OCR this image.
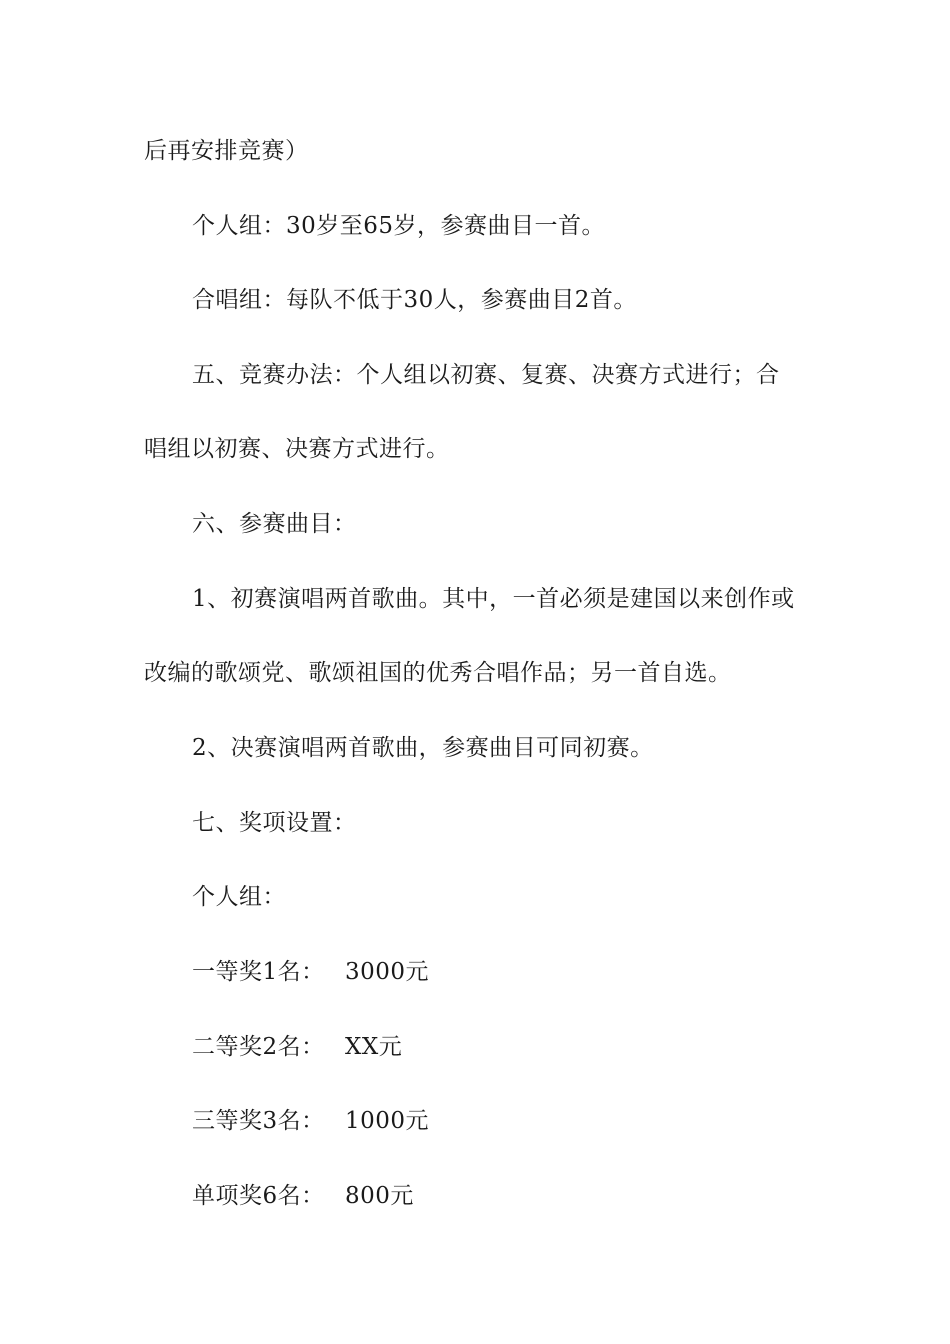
后再安排竞赛）
个人组：30岁至65岁，参赛曲目一首。
合唱组：每队不低于30人，参赛曲目2首。
五、竞赛办法：个人组以初赛、复赛、决赛方式进行；合
唱组以初赛、决赛方式进行。
六、参赛曲目：
1、初赛演唱两首歌曲。其中，一首必须是建国以来创作或
改编的歌颂党、歌颂祖国的优秀合唱作品；另一首自选。
2、决赛演唱两首歌曲，参赛曲目可同初赛。
七、奖项设置：
个人组：
一等奖1名： 3000元
二等奖2名： XX元
三等奖3名： 1000元
单项奖6名： 800元
